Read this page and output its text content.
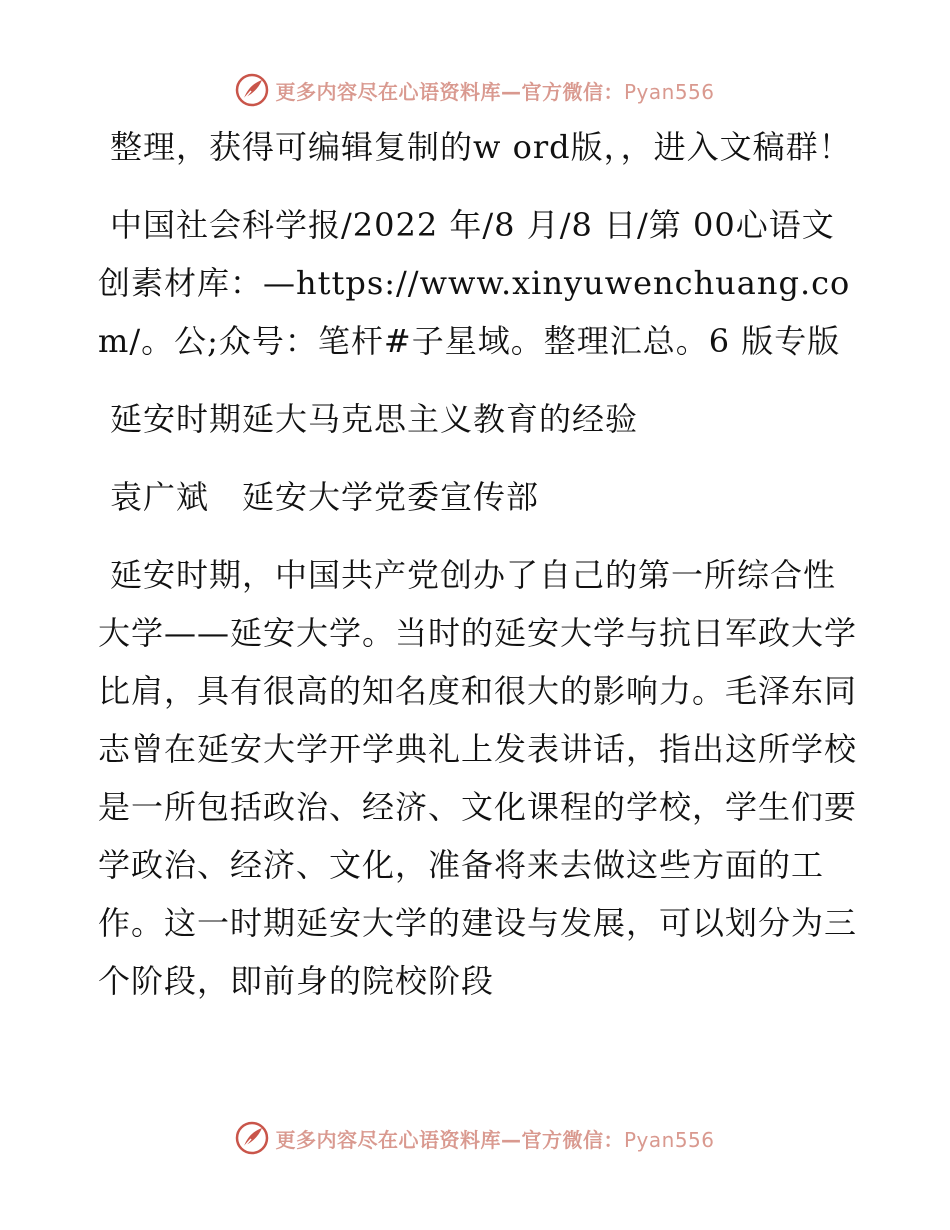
更多内容尽在心语资料库—官方微信：Pyan556

整理，获得可编辑复制的w ord版，，进入文稿群！

中国社会科学报/2022 年/8 月/8 日/第 00心语文创素材库：—https://www.xinyuwenchuang.com/。公;众号：笔杆#子星域。整理汇总。6 版专版

延安时期延大马克思主义教育的经验

袁广斌　延安大学党委宣传部

延安时期，中国共产党创办了自己的第一所综合性大学——延安大学。当时的延安大学与抗日军政大学比肩，具有很高的知名度和很大的影响力。毛泽东同志曾在延安大学开学典礼上发表讲话，指出这所学校是一所包括政治、经济、文化课程的学校，学生们要学政治、经济、文化，准备将来去做这些方面的工作。这一时期延安大学的建设与发展，可以划分为三个阶段，即前身的院校阶段

更多内容尽在心语资料库—官方微信：Pyan556
